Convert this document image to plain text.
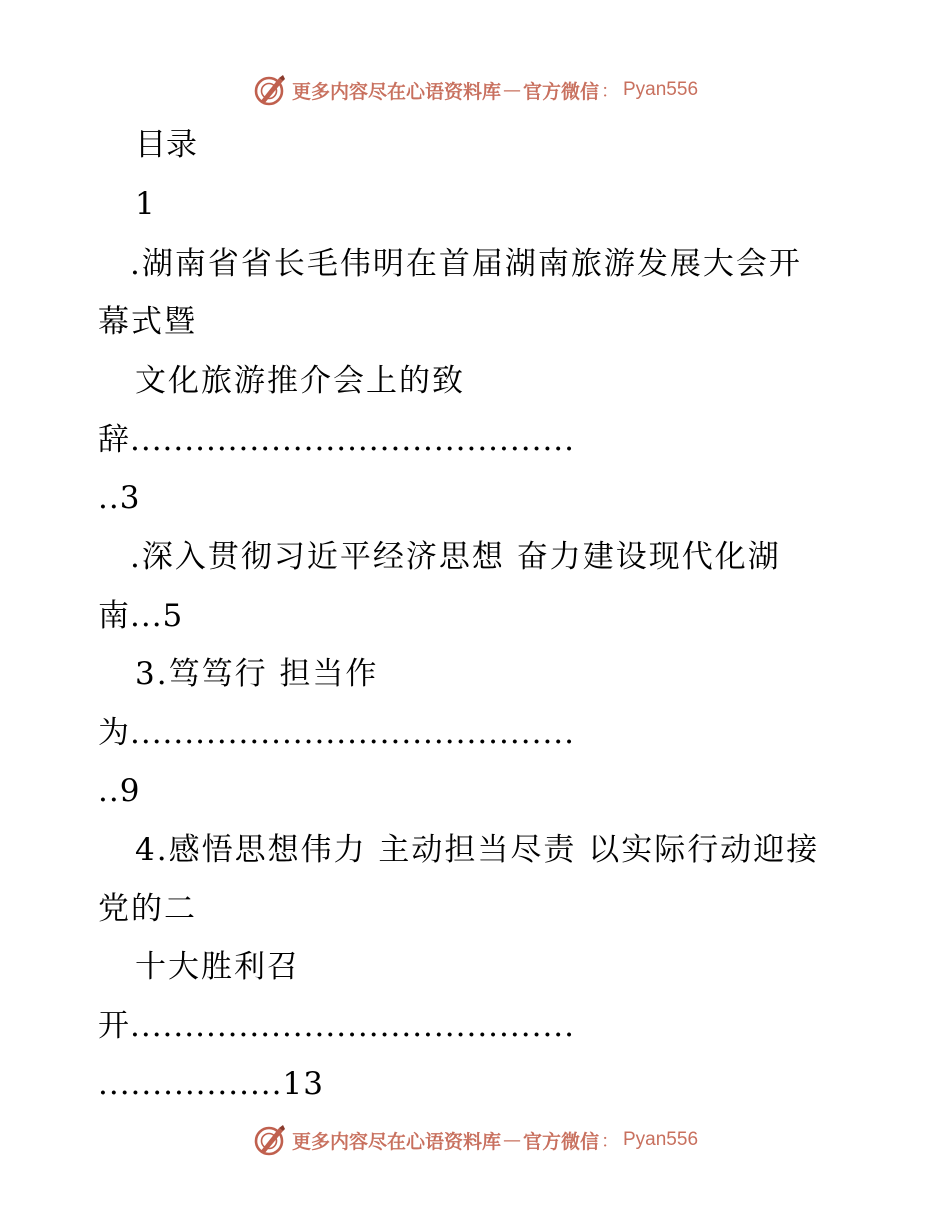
更多内容尽在心语资料库 — 官方微信 ： Pyan556
目录
1
.湖南省省长毛伟明在首届湖南旅游发展大会开
幕式暨
文化旅游推介会上的致
辞.........................................
..3
.深入贯彻习近平经济思想 奋力建设现代化湖
南...5
3.笃笃行 担当作
为.........................................
..9
4.感悟思想伟力 主动担当尽责 以实际行动迎接
党的二
十大胜利召
开.........................................
.................13
更多内容尽在心语资料库 — 官方微信 ： Pyan556
